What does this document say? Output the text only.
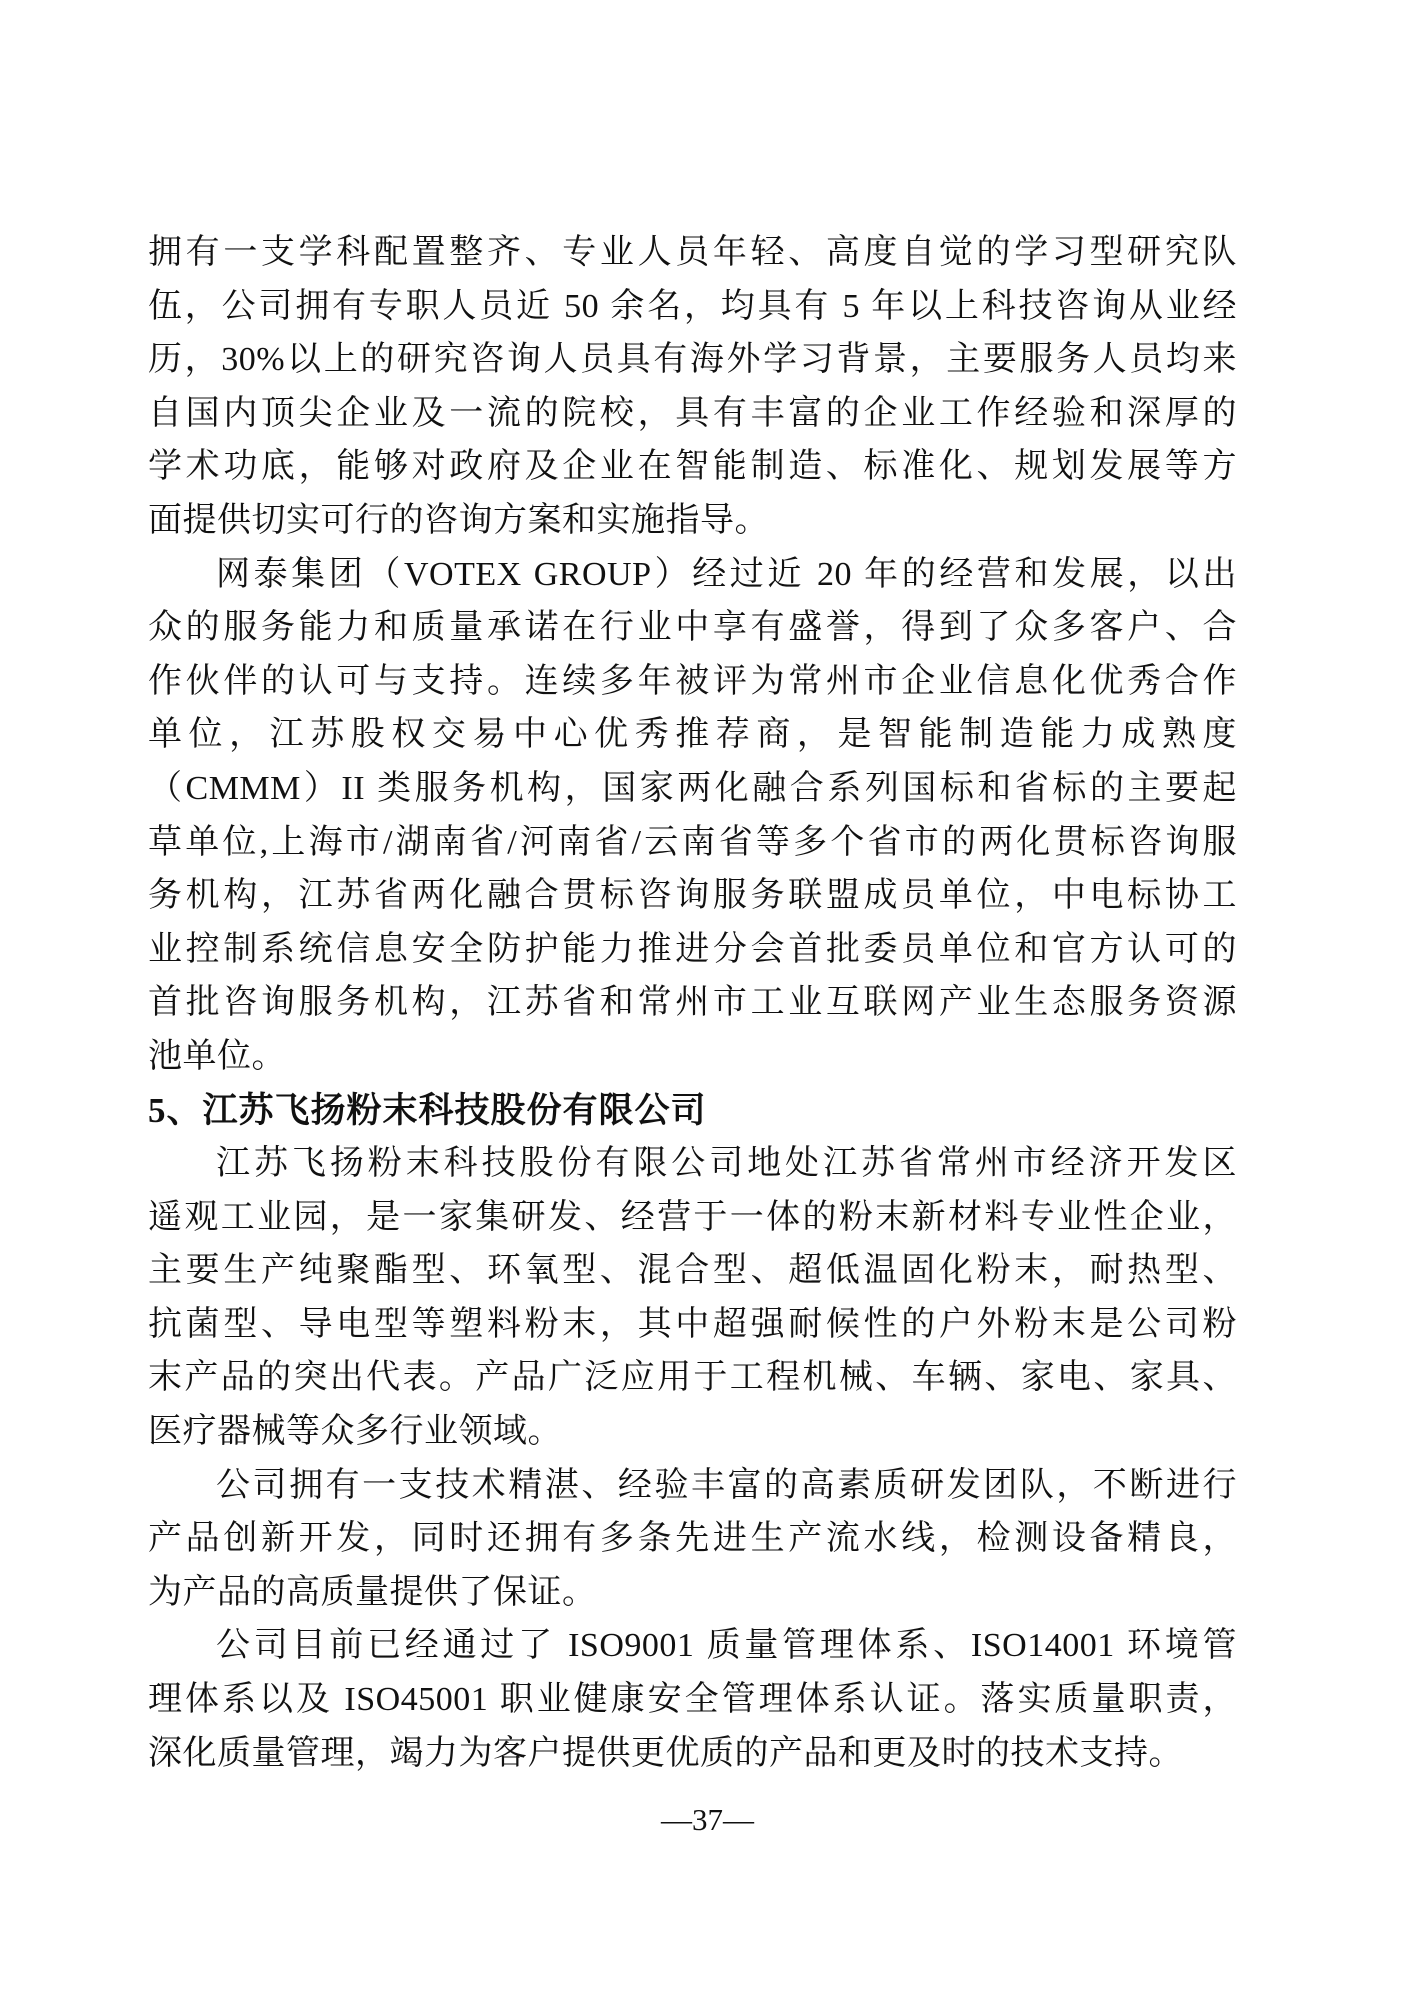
拥有一支学科配置整齐、专业人员年轻、高度自觉的学习型研究队
伍，公司拥有专职人员近 50 余名，均具有 5 年以上科技咨询从业经
历，30%以上的研究咨询人员具有海外学习背景，主要服务人员均来
自国内顶尖企业及一流的院校，具有丰富的企业工作经验和深厚的
学术功底，能够对政府及企业在智能制造、标准化、规划发展等方
面提供切实可行的咨询方案和实施指导。
网泰集团（VOTEX GROUP）经过近 20 年的经营和发展，以出
众的服务能力和质量承诺在行业中享有盛誉，得到了众多客户、合
作伙伴的认可与支持。连续多年被评为常州市企业信息化优秀合作
单位，江苏股权交易中心优秀推荐商，是智能制造能力成熟度
（CMMM）II 类服务机构，国家两化融合系列国标和省标的主要起
草单位,上海市/湖南省/河南省/云南省等多个省市的两化贯标咨询服
务机构，江苏省两化融合贯标咨询服务联盟成员单位，中电标协工
业控制系统信息安全防护能力推进分会首批委员单位和官方认可的
首批咨询服务机构，江苏省和常州市工业互联网产业生态服务资源
池单位。
5、江苏飞扬粉末科技股份有限公司
江苏飞扬粉末科技股份有限公司地处江苏省常州市经济开发区
遥观工业园，是一家集研发、经营于一体的粉末新材料专业性企业，
主要生产纯聚酯型、环氧型、混合型、超低温固化粉末，耐热型、
抗菌型、导电型等塑料粉末，其中超强耐候性的户外粉末是公司粉
末产品的突出代表。产品广泛应用于工程机械、车辆、家电、家具、
医疗器械等众多行业领域。
公司拥有一支技术精湛、经验丰富的高素质研发团队，不断进行
产品创新开发，同时还拥有多条先进生产流水线，检测设备精良，
为产品的高质量提供了保证。
公司目前已经通过了 ISO9001 质量管理体系、ISO14001 环境管
理体系以及 ISO45001 职业健康安全管理体系认证。落实质量职责，
深化质量管理，竭力为客户提供更优质的产品和更及时的技术支持。
—37—
